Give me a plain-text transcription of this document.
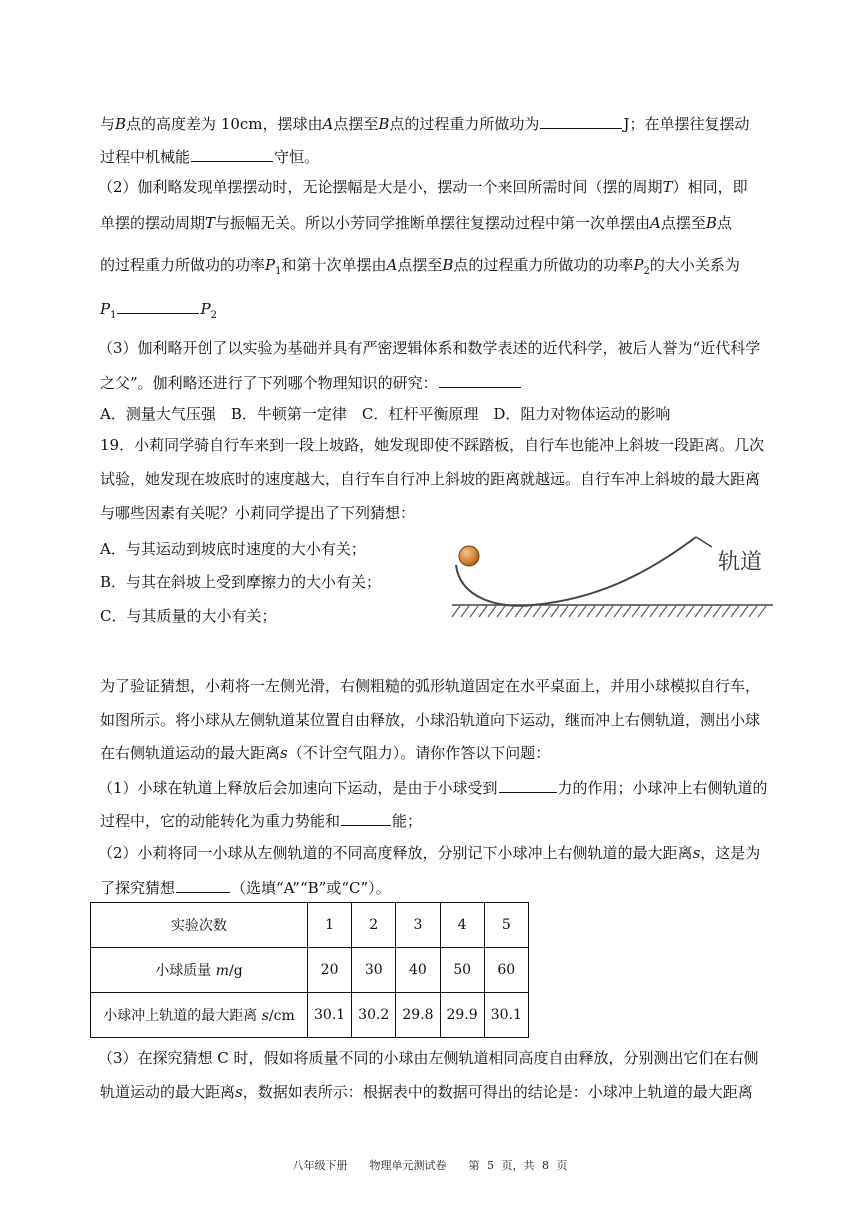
与B点的高度差为 10cm，摆球由A点摆至B点的过程重力所做功为	J；在单摆往复摆动
过程中机械能	守恒。
（2）伽利略发现单摆摆动时，无论摆幅是大是小，摆动一个来回所需时间（摆的周期T）相同，即
单摆的摆动周期T与振幅无关。所以小芳同学推断单摆往复摆动过程中第一次单摆由A点摆至B点
的过程重力所做功的功率$P_1$和第十次单摆由A点摆至B点的过程重力所做功的功率$P_2$的大小关系为
$P_1$	$P_2$
（3）伽利略开创了以实验为基础并具有严密逻辑体系和数学表述的近代科学，被后人誉为“近代科学
之父”。伽利略还进行了下列哪个物理知识的研究：
A．测量大气压强　B．牛顿第一定律　C．杠杆平衡原理　D．阻力对物体运动的影响
19．小莉同学骑自行车来到一段上坡路，她发现即使不踩踏板，自行车也能冲上斜坡一段距离。几次
试验，她发现在坡底时的速度越大，自行车自行冲上斜坡的距离就越远。自行车冲上斜坡的最大距离
与哪些因素有关呢？小莉同学提出了下列猜想：
A．与其运动到坡底时速度的大小有关；
B．与其在斜坡上受到摩擦力的大小有关；
C．与其质量的大小有关；
轨道
为了验证猜想，小莉将一左侧光滑，右侧粗糙的弧形轨道固定在水平桌面上，并用小球模拟自行车，
如图所示。将小球从左侧轨道某位置自由释放，小球沿轨道向下运动，继而冲上右侧轨道，测出小球
在右侧轨道运动的最大距离s（不计空气阻力）。请你作答以下问题：
（1）小球在轨道上释放后会加速向下运动，是由于小球受到	力的作用；小球冲上右侧轨道的
过程中，它的动能转化为重力势能和	能；
（2）小莉将同一小球从左侧轨道的不同高度释放，分别记下小球冲上右侧轨道的最大距离s，这是为
了探究猜想	（选填“A”“B”或“C”）。
实验次数	1	2	3	4	5
小球质量 m/g	20	30	40	50	60
小球冲上轨道的最大距离 s/cm	30.1	30.2	29.8	29.9	30.1
（3）在探究猜想 C 时，假如将质量不同的小球由左侧轨道相同高度自由释放，分别测出它们在右侧
轨道运动的最大距离s，数据如表所示：根据表中的数据可得出的结论是：小球冲上轨道的最大距离
八年级下册　　物理单元测试卷　　第 5 页，共 8 页
